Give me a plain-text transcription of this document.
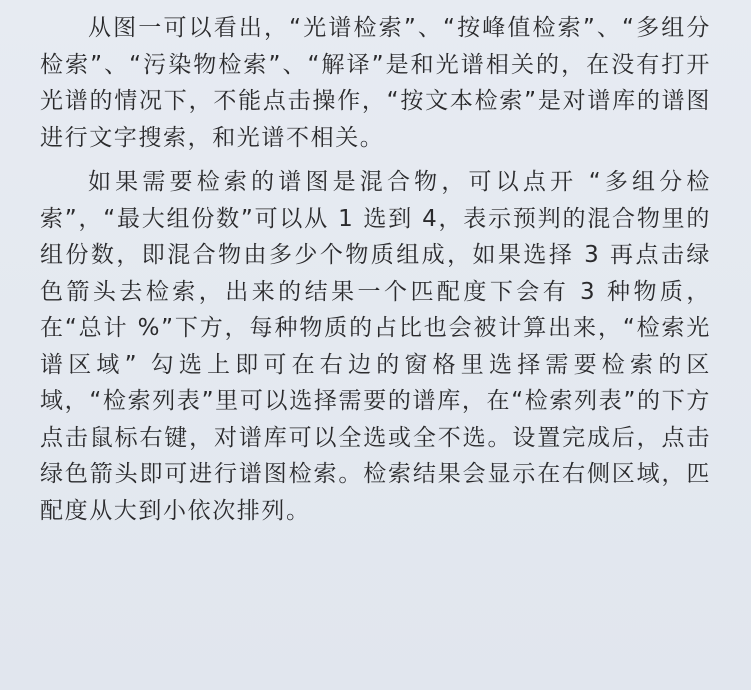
从图一可以看出，“光谱检索”、“按峰值检索”、“多组分检索”、“污染物检索”、“解译”是和光谱相关的，在没有打开光谱的情况下，不能点击操作，“按文本检索”是对谱库的谱图进行文字搜索，和光谱不相关。

如果需要检索的谱图是混合物，可以点开 “多组分检索”，“最大组份数”可以从 1 选到 4，表示预判的混合物里的组份数，即混合物由多少个物质组成，如果选择 3 再点击绿色箭头去检索，出来的结果一个匹配度下会有 3 种物质，在“总计 %”下方，每种物质的占比也会被计算出来，“检索光谱区域” 勾选上即可在右边的窗格里选择需要检索的区域，“检索列表”里可以选择需要的谱库，在“检索列表”的下方点击鼠标右键，对谱库可以全选或全不选。设置完成后，点击绿色箭头即可进行谱图检索。检索结果会显示在右侧区域，匹配度从大到小依次排列。
